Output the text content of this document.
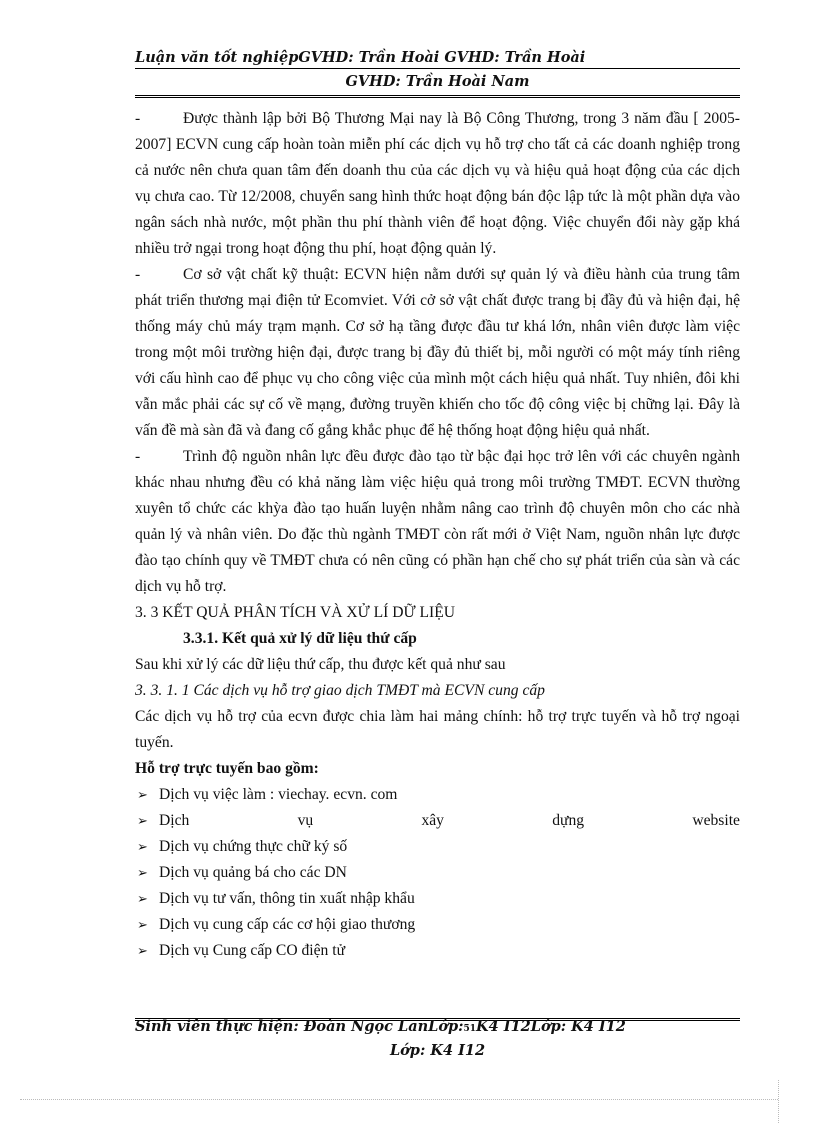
Luận văn tốt nghiệpGVHD: Trần Hoài GVHD: Trần Hoài
GVHD: Trần Hoài Nam

-	Được thành lập bởi Bộ Thương Mại nay là Bộ Công Thương, trong 3 năm đầu [ 2005-2007] ECVN cung cấp hoàn toàn miễn phí các dịch vụ hỗ trợ cho tất cả các doanh nghiệp trong cả nước nên chưa quan tâm đến doanh thu của các dịch vụ và hiệu quả hoạt động của các dịch vụ chưa cao. Từ 12/2008, chuyển sang hình thức hoạt động bán độc lập tức là một phần dựa vào ngân sách nhà nước, một phần thu phí thành viên để hoạt động. Việc chuyển đổi này gặp khá nhiều trở ngại trong hoạt động thu phí, hoạt động quản lý.

-	Cơ sở vật chất kỹ thuật: ECVN hiện nằm dưới sự quản lý và điều hành của trung tâm phát triển thương mại điện tử Ecomviet. Với cở sở vật chất được trang bị đầy đủ và hiện đại, hệ thống máy chủ máy trạm mạnh. Cơ sở hạ tầng được đầu tư khá lớn, nhân viên được làm việc trong một môi trường hiện đại, được trang bị đầy đủ thiết bị, mỗi người có một máy tính riêng với cấu hình cao để phục vụ cho công việc của mình một cách hiệu quả nhất. Tuy nhiên, đôi khi vẫn mắc phải các sự cố về mạng, đường truyền khiến cho tốc độ công việc bị chững lại. Đây là vấn đề mà sàn đã và đang cố gắng khắc phục để hệ thống hoạt động hiệu quả nhất.

-	Trình độ nguồn nhân lực đều được đào tạo từ bậc đại học trở lên với các chuyên ngành khác nhau nhưng đều có khả năng làm việc hiệu quả trong môi trường TMĐT. ECVN thường xuyên tổ chức các khỳa đào tạo huấn luyện nhằm nâng cao trình độ chuyên môn cho các nhà quản lý và nhân viên. Do đặc thù ngành TMĐT còn rất mới ở Việt Nam, nguồn nhân lực được đào tạo chính quy về TMĐT chưa có nên cũng có phần hạn chế cho sự phát triển của sàn và các dịch vụ hỗ trợ.

3. 3 KẾT QUẢ PHÂN TÍCH VÀ XỬ LÍ DỮ LIỆU

3.3.1. Kết quả xử lý dữ liệu thứ cấp

Sau khi xử lý các dữ liệu thứ cấp, thu được kết quả như sau

3. 3. 1. 1 Các dịch vụ hỗ trợ giao dịch TMĐT mà ECVN cung cấp

Các dịch vụ hỗ trợ của ecvn được chia làm hai mảng chính: hỗ trợ trực tuyến và hỗ trợ ngoại tuyến.

Hỗ trợ trực tuyến bao gồm:

➢ Dịch vụ việc làm : viechay. ecvn. com
➢ Dịch	vụ	xây	dựng	website
➢ Dịch vụ chứng thực chữ ký số
➢ Dịch vụ quảng bá cho các DN
➢ Dịch vụ tư vấn, thông tin xuất nhập khẩu
➢ Dịch vụ cung cấp các cơ hội giao thương
➢ Dịch vụ Cung cấp CO điện tử
Sinh viên thực hiện: Đoàn Ngọc LanLớp:51K4 I12Lớp: K4 I12
Lớp: K4 I12
